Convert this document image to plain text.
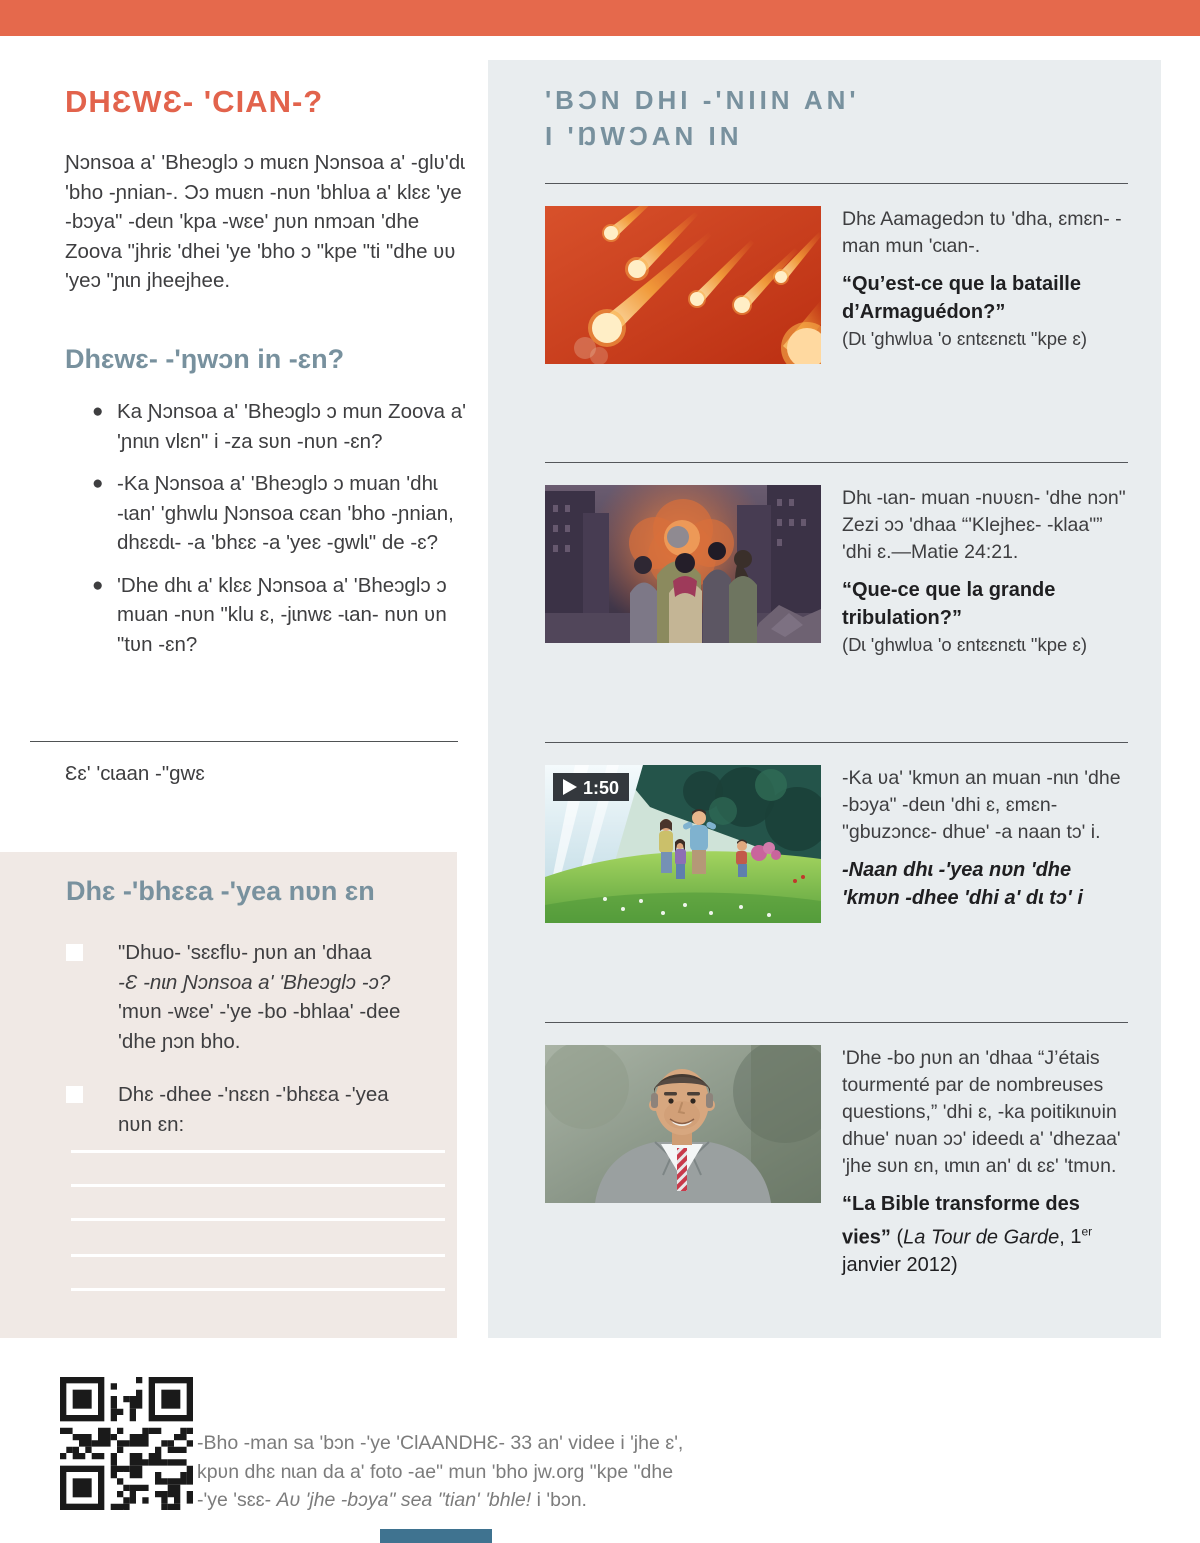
DHƐWƐ- 'CƖAN-?

Ɲɔnsoa a' 'Bheɔglɔ ɔ muɛn Ɲɔnsoa a' -glʋ'dɩ 'bho -ɲnian-. Ɔɔ muɛn -nʋn 'bhlʋa a' klɛɛ 'ye -bɔya" -deɩn 'kpa -wɛe' ɲʋn nmɔan 'dhe Zoova "jhriɛ 'dhei 'ye 'bho ɔ "kpe "ti "dhe ʋʋ 'yeɔ "ɲɩn jheejhee.

Dhɛwɛ- -'ŋwɔn in -ɛn?
● Ka Ɲɔnsoa a' 'Bheɔglɔ ɔ mun Zoova a' 'ɲnɩn vlɛn" i -za sʋn -nʋn -ɛn?
● -Ka Ɲɔnsoa a' 'Bheɔglɔ ɔ muan 'dhɩ -ɩan' 'ghwlu Ɲɔnsoa cɛan 'bho -ɲnian, dhɛɛdɩ- -a 'bhɛɛ -a 'yeɛ -gwlɩ" de -ɛ?
● 'Dhe dhɩ a' klɛɛ Ɲɔnsoa a' 'Bheɔglɔ ɔ muan -nʋn "klu ɛ, -jɩnwɛ -ɩan- nʋn ʋn "tʋn -ɛn?

Ɛɛ' 'cɩaan -"gwɛ

Dhɛ -'bhɛɛa -'yea nʋn ɛn
"Dhuo- 'sɛɛflʋ- ɲʋn an 'dhaa
-Ɛ -nɩn Ɲɔnsoa a' 'Bheɔglɔ -ɔ?
'mʋn -wɛe' -'ye -bo -bhlaa' -dee
'dhe ɲɔn bho.
Dhɛ -dhee -'nɛɛn -'bhɛɛa -'yea nʋn ɛn:
'BƆN DHƖ -'NƖƖN AN'
I 'ŊWƆAN IN

Dhɛ Aamagedɔn tʋ 'dha, ɛmɛn- -man mun 'cɩan-.

“Qu’est-ce que la bataille d’Armaguédon?”

(Dɩ 'ghwlʋa 'o ɛntɛɛnɛtɩ "kpe ɛ)

Dhɩ -ɩan- muan -nʋʋɛn- 'dhe nɔn" Zezi ɔɔ 'dhaa “'Klejheɛ- -klaa"” 'dhi ɛ.—Matie 24:21.

“Que-ce que la grande tribulation?”

(Dɩ 'ghwlʋa 'o ɛntɛɛnɛtɩ "kpe ɛ)

1:50	-Ka ʋa' 'kmʋn an muan -nɩn 'dhe -bɔya" -deɩn 'dhi ɛ, ɛmɛn- "gbuzɔncɛ- dhue' -a naan tɔ' i.

-Naan dhɩ -'yea nʋn 'dhe 'kmʋn -dhee 'dhi a' dɩ tɔ' i

'Dhe -bo ɲʋn an 'dhaa “J’étais tourmenté par de nombreuses questions,” 'dhi ɛ, -ka poitikɩnʋin dhue' nʋan ɔɔ' ideedɩ a' 'dhezaa' 'jhe sʋn ɛn, ɩmɩn an' dɩ ɛɛ' 'tmʋn.

“La Bible transforme des vies” (La Tour de Garde, 1er janvier 2012)

-Bho -man sa 'bɔn -'ye 'CƖAANDHƐ- 33 an' videe i 'jhe ɛ',
kpʋn dhɛ nɩan da a' foto -ae" mun 'bho jw.org "kpe "dhe
-'ye 'sɛɛ- Aʋ 'jhe -bɔya" sea "tian' 'bhle! i 'bɔn.
